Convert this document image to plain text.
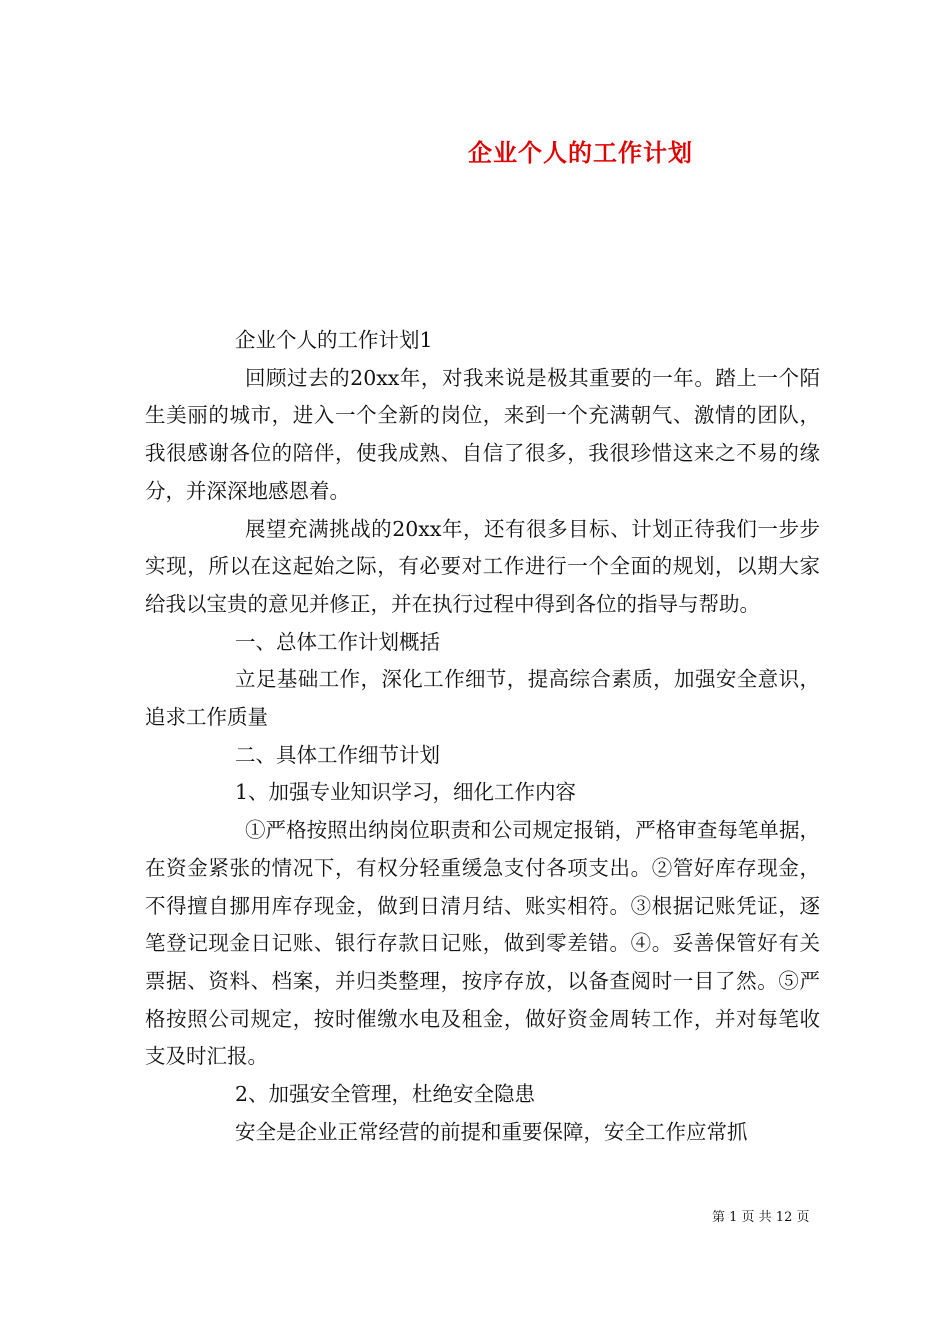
企业个人的工作计划

企业个人的工作计划1

回顾过去的20xx年，对我来说是极其重要的一年。踏上一个陌生美丽的城市，进入一个全新的岗位，来到一个充满朝气、激情的团队，我很感谢各位的陪伴，使我成熟、自信了很多，我很珍惜这来之不易的缘分，并深深地感恩着。

展望充满挑战的20xx年，还有很多目标、计划正待我们一步步实现，所以在这起始之际，有必要对工作进行一个全面的规划，以期大家给我以宝贵的意见并修正，并在执行过程中得到各位的指导与帮助。

一、总体工作计划概括

立足基础工作，深化工作细节，提高综合素质，加强安全意识，追求工作质量

二、具体工作细节计划

1、加强专业知识学习，细化工作内容

①严格按照出纳岗位职责和公司规定报销，严格审查每笔单据，在资金紧张的情况下，有权分轻重缓急支付各项支出。②管好库存现金，不得擅自挪用库存现金，做到日清月结、账实相符。③根据记账凭证，逐笔登记现金日记账、银行存款日记账，做到零差错。④。妥善保管好有关票据、资料、档案，并归类整理，按序存放，以备查阅时一目了然。⑤严格按照公司规定，按时催缴水电及租金，做好资金周转工作，并对每笔收支及时汇报。

2、加强安全管理，杜绝安全隐患

安全是企业正常经营的前提和重要保障，安全工作应常抓

第 1 页 共 12 页
